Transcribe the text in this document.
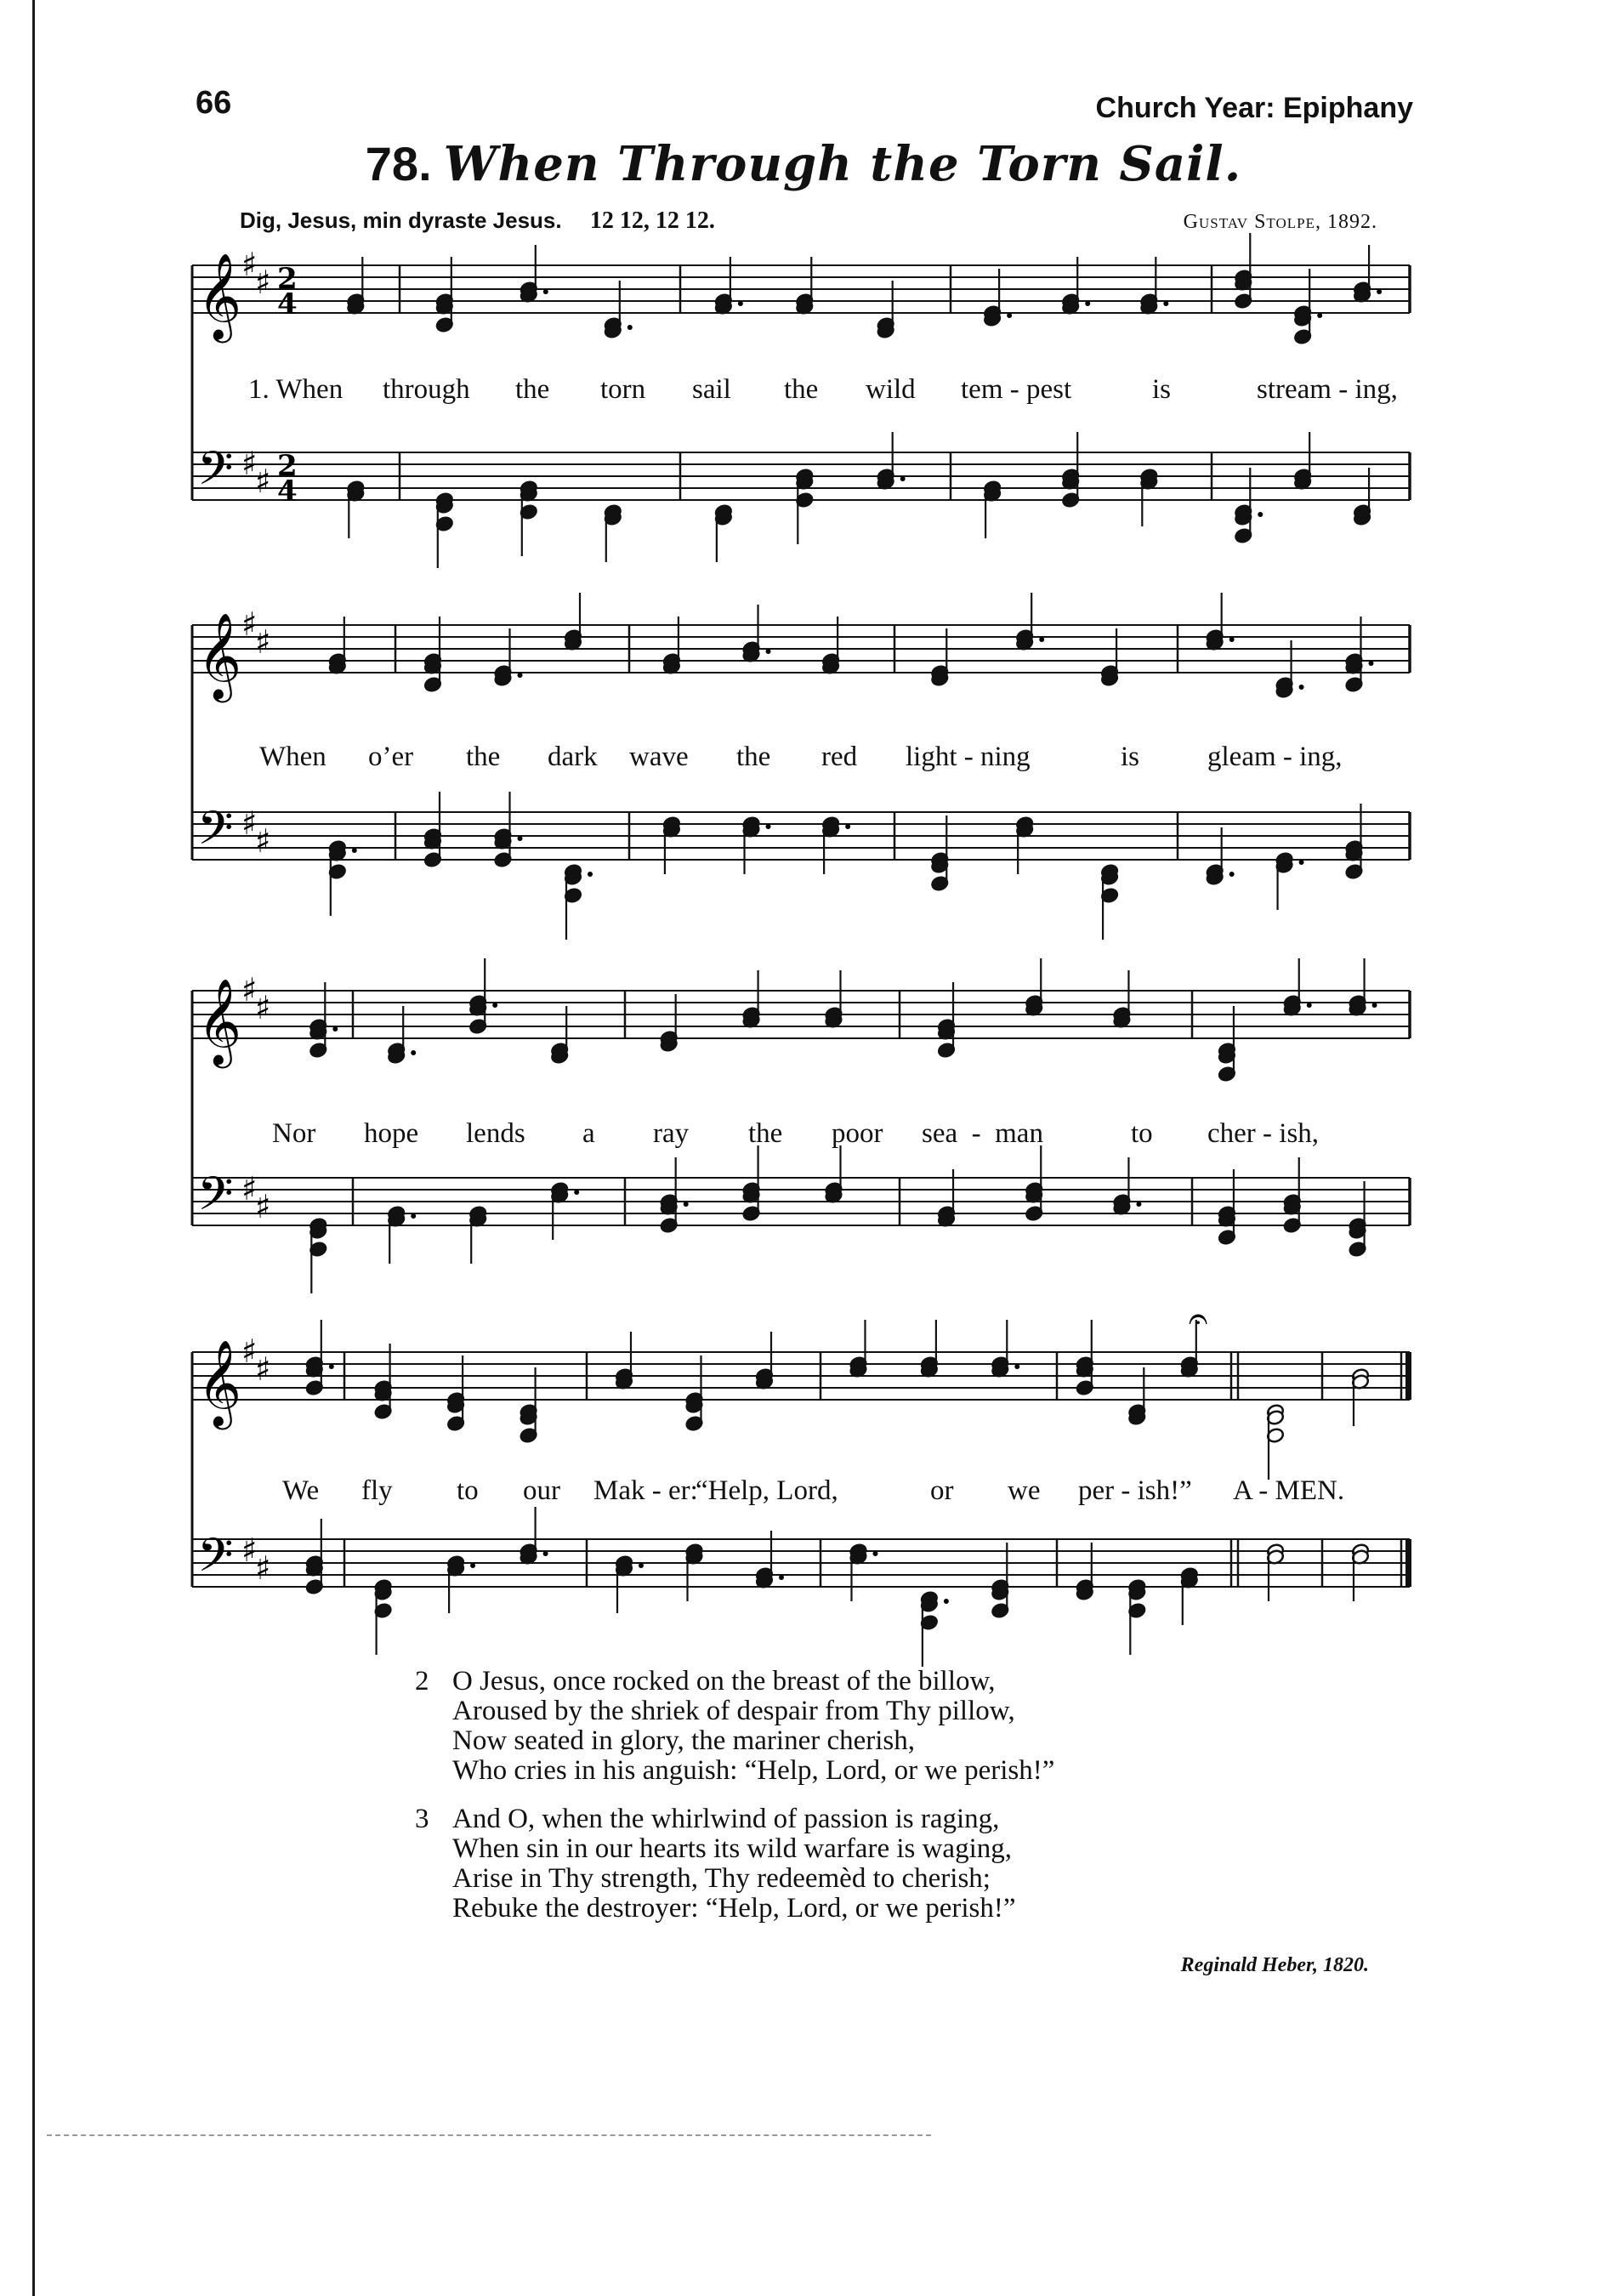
66	Church Year: Epiphany
78. When Through the Torn Sail.
Dig, Jesus, min dyraste Jesus. 12 12, 12 12.	Gustav Stolpe, 1892.
𝄞 ♯
♯ 2
4
𝄢 ♯
♯ 2
4
𝄞 ♯
♯
𝄢 ♯
♯
𝄞 ♯
♯
𝄢 ♯
♯
𝄞 ♯
♯
𝄢 ♯
♯
𝄐
1. When through the torn sail the wild tem - pest	is	stream - ing,
When o’er the dark wave the red light - ning	is gleam - ing,
Nor hope lends a ray the poor sea  -  man	to cher - ish,
We fly to our Mak - er:
“Help, Lord,	or we per - ish!” A - MEN.
2 O Jesus, once rocked on the breast of the billow,
Aroused by the shriek of despair from Thy pillow,
Now seated in glory, the mariner cherish,
Who cries in his anguish: “Help, Lord, or we perish!”
3 And O, when the whirlwind of passion is raging,
When sin in our hearts its wild warfare is waging,
Arise in Thy strength, Thy redeemèd to cherish;
Rebuke the destroyer: “Help, Lord, or we perish!”
Reginald Heber, 1820.
